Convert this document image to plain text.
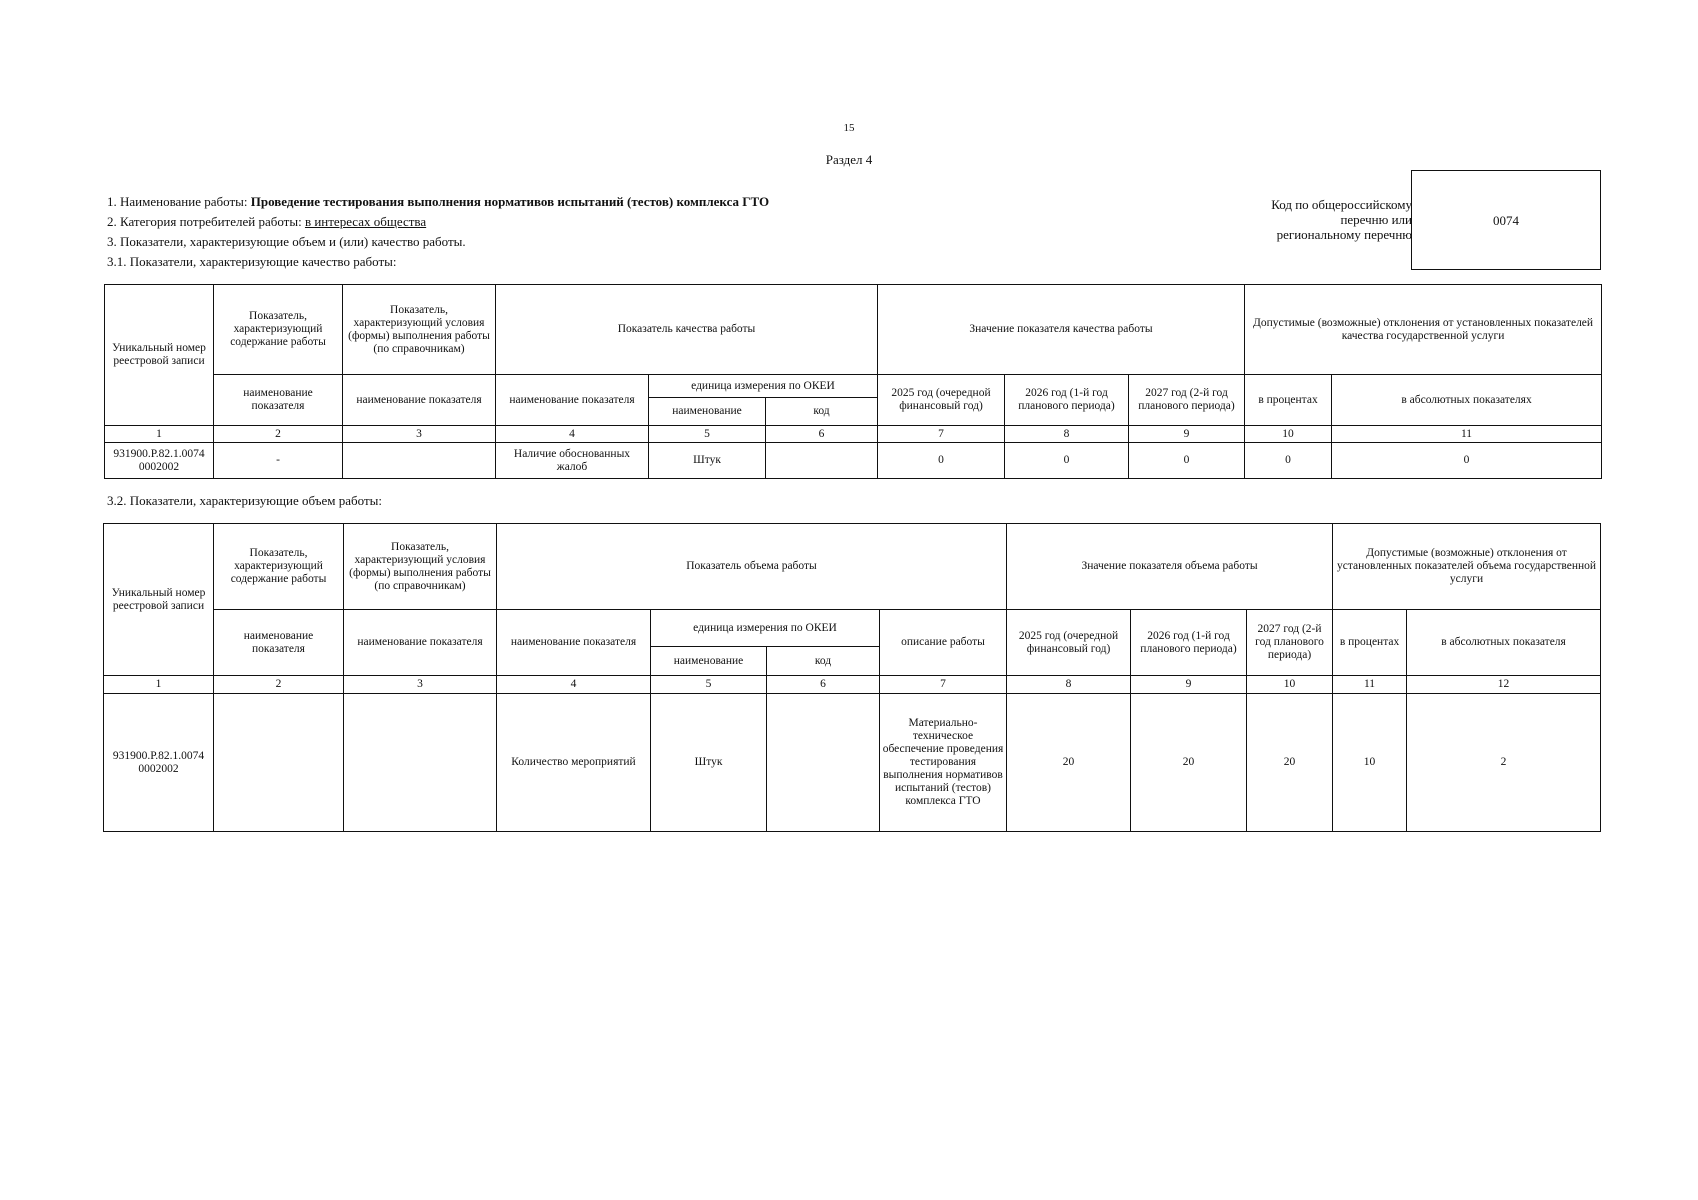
15
Раздел 4
1. Наименование работы: Проведение тестирования выполнения нормативов испытаний (тестов) комплекса ГТО
2. Категория потребителей работы: в интересах общества
3. Показатели, характеризующие объем и (или) качество работы.
3.1. Показатели, характеризующие качество работы:
Код по общероссийскому
перечню или
региональному перечню
0074
Уникальный номер реестровой записи	Показатель, характеризующий содержание работы	Показатель, характеризующий условия (формы) выполнения работы (по справочникам)	Показатель качества работы			Значение показателя качества работы			Допустимые (возможные) отклонения от установленных показателей качества государственной услуги	
	наименование показателя	наименование показателя	наименование показателя	единица измерения по ОКЕИ		2025 год (очередной финансовый год)	2026 год (1-й год планового периода)	2027 год (2-й год планового периода)	в процентах	в абсолютных показателях
				наименование	код					
1	2	3	4	5	6	7	8	9	10	11
931900.Р.82.1.0074 0002002	-		Наличие обоснованных жалоб	Штук		0	0	0	0	0
3.2. Показатели, характеризующие объем работы:
Уникальный номер реестровой записи	Показатель, характеризующий содержание работы	Показатель, характеризующий условия (формы) выполнения работы (по справочникам)	Показатель объема работы				Значение показателя объема работы			Допустимые (возможные) отклонения от установленных показателей объема государственной услуги	
	наименование показателя	наименование показателя	наименование показателя	единица измерения по ОКЕИ		описание работы	2025 год (очередной финансовый год)	2026 год (1-й год планового периода)	2027 год (2-й год планового периода)	в процентах	в абсолютных показателя
				наименование	код						
1	2	3	4	5	6	7	8	9	10	11	12
931900.Р.82.1.0074 0002002			Количество мероприятий	Штук		Материально-техническое обеспечение проведения тестирования выполнения нормативов испытаний (тестов) комплекса ГТО	20	20	20	10	2
